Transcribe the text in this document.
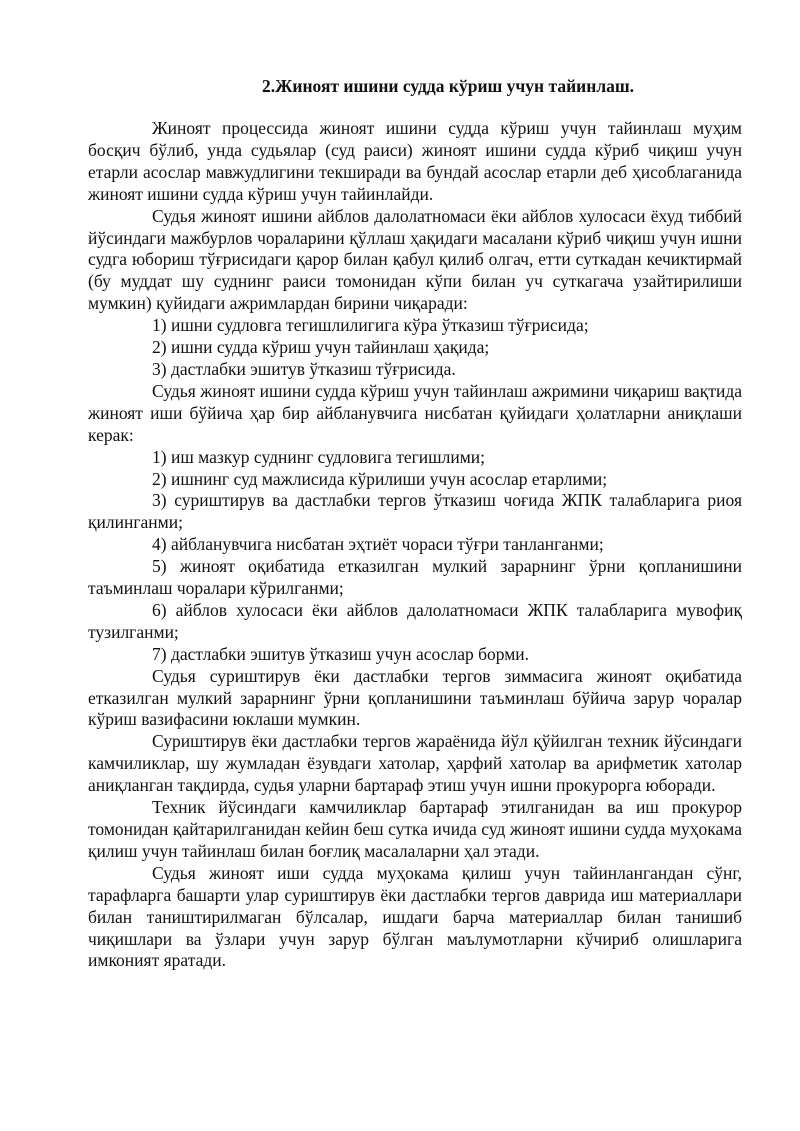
2.Жиноят ишини судда кўриш учун тайинлаш.

Жиноят процессида жиноят ишини судда кўриш учун тайинлаш муҳим босқич бўлиб, унда судьялар (суд раиси) жиноят ишини судда кўриб чиқиш учун етарли асослар мавжудлигини текширади ва бундай асослар етарли деб ҳисоблаганида жиноят ишини судда кўриш учун тайинлайди.

Судья жиноят ишини айблов далолатномаси ёки айблов хулосаси ёхуд тиббий йўсиндаги мажбурлов чораларини қўллаш ҳақидаги масалани кўриб чиқиш учун ишни судга юбориш тўғрисидаги қарор билан қабул қилиб олгач, етти суткадан кечиктирмай (бу муддат шу суднинг раиси томонидан кўпи билан уч суткагача узайтирилиши мумкин) қуйидаги ажримлардан бирини чиқаради:

1) ишни судловга тегишлилигига кўра ўтказиш тўғрисида;

2) ишни судда кўриш учун тайинлаш ҳақида;

3) дастлабки эшитув ўтказиш тўғрисида.

Судья жиноят ишини судда кўриш учун тайинлаш ажримини чиқариш вақтида жиноят иши бўйича ҳар бир айбланувчига нисбатан қуйидаги ҳолатларни аниқлаши керак:

1) иш мазкур суднинг судловига тегишлими;

2) ишнинг суд мажлисида кўрилиши учун асослар етарлими;

3) суриштирув ва дастлабки тергов ўтказиш чоғида ЖПК талабларига риоя қилинганми;

4) айбланувчига нисбатан эҳтиёт чораси тўғри танланганми;

5) жиноят оқибатида етказилган мулкий зарарнинг ўрни қопланишини таъминлаш чоралари кўрилганми;

6) айблов хулосаси ёки айблов далолатномаси ЖПК талабларига мувофиқ тузилганми;

7) дастлабки эшитув ўтказиш учун асослар борми.

Судья суриштирув ёки дастлабки тергов зиммасига жиноят оқибатида етказилган мулкий зарарнинг ўрни қопланишини таъминлаш бўйича зарур чоралар кўриш вазифасини юклаши мумкин.

Суриштирув ёки дастлабки тергов жараёнида йўл қўйилган техник йўсиндаги камчиликлар, шу жумладан ёзувдаги хатолар, ҳарфий хатолар ва арифметик хатолар аниқланган тақдирда, судья уларни бартараф этиш учун ишни прокурорга юборади.

Техник йўсиндаги камчиликлар бартараф этилганидан ва иш прокурор томонидан қайтарилганидан кейин беш сутка ичида суд жиноят ишини судда муҳокама қилиш учун тайинлаш билан боғлиқ масалаларни ҳал этади.

Судья жиноят иши судда муҳокама қилиш учун тайинлангандан сўнг, тарафларга башарти улар суриштирув ёки дастлабки тергов даврида иш материаллари билан таништирилмаган бўлсалар, ишдаги барча материаллар билан танишиб чиқишлари ва ўзлари учун зарур бўлган маълумотларни кўчириб олишларига имконият яратади.
